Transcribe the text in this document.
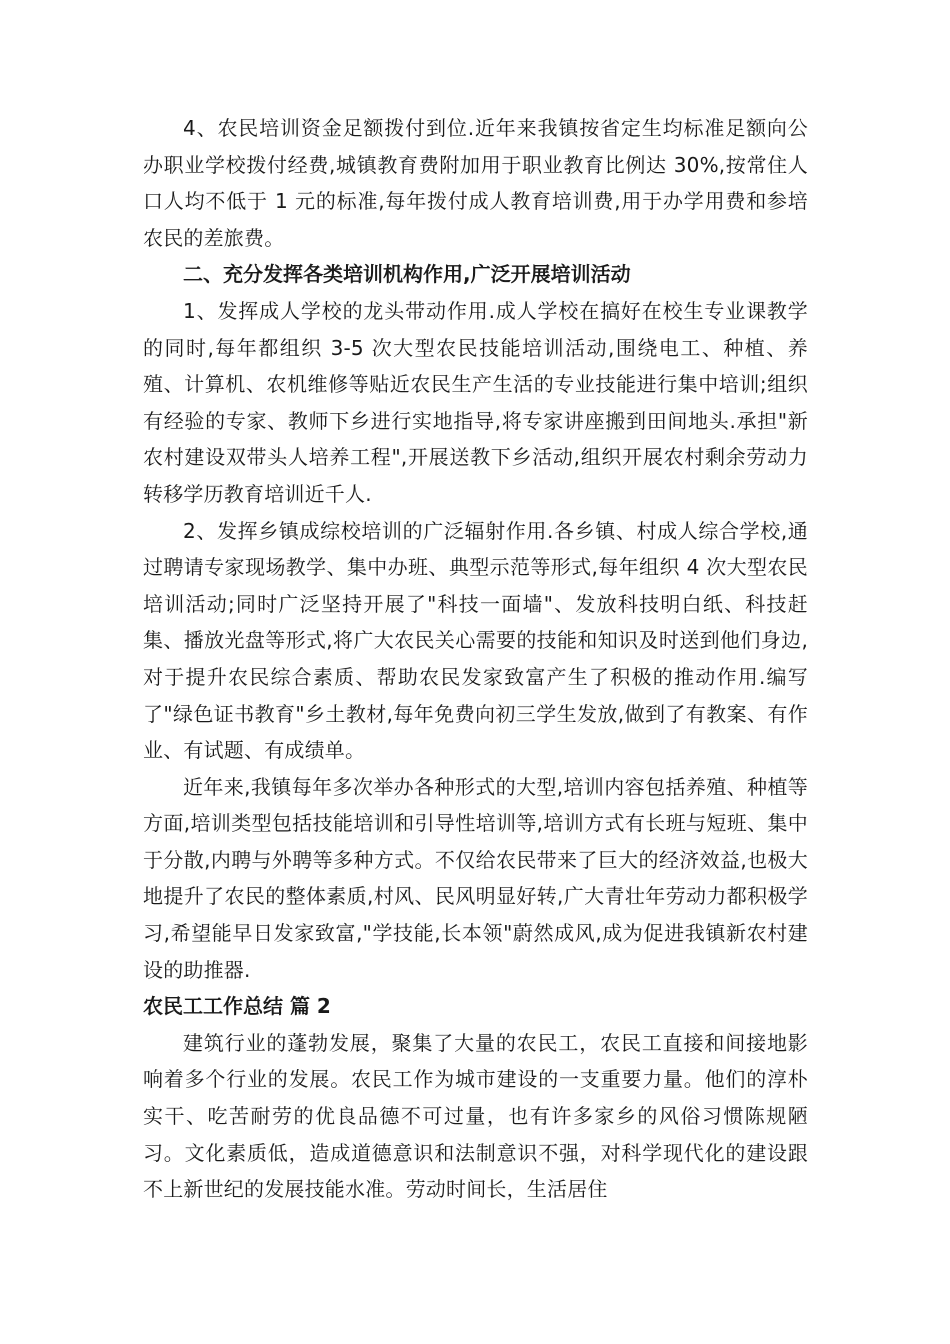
4、农民培训资金足额拨付到位.近年来我镇按省定生均标准足额向公办职业学校拨付经费,城镇教育费附加用于职业教育比例达 30%,按常住人口人均不低于 1 元的标准,每年拨付成人教育培训费,用于办学用费和参培农民的差旅费。

二、充分发挥各类培训机构作用,广泛开展培训活动

1、发挥成人学校的龙头带动作用.成人学校在搞好在校生专业课教学的同时,每年都组织 3-5 次大型农民技能培训活动,围绕电工、种植、养殖、计算机、农机维修等贴近农民生产生活的专业技能进行集中培训;组织有经验的专家、教师下乡进行实地指导,将专家讲座搬到田间地头.承担"新农村建设双带头人培养工程",开展送教下乡活动,组织开展农村剩余劳动力转移学历教育培训近千人.

2、发挥乡镇成综校培训的广泛辐射作用.各乡镇、村成人综合学校,通过聘请专家现场教学、集中办班、典型示范等形式,每年组织 4 次大型农民培训活动;同时广泛坚持开展了"科技一面墙"、发放科技明白纸、科技赶集、播放光盘等形式,将广大农民关心需要的技能和知识及时送到他们身边,对于提升农民综合素质、帮助农民发家致富产生了积极的推动作用.编写了"绿色证书教育"乡土教材,每年免费向初三学生发放,做到了有教案、有作业、有试题、有成绩单。

近年来,我镇每年多次举办各种形式的大型,培训内容包括养殖、种植等方面,培训类型包括技能培训和引导性培训等,培训方式有长班与短班、集中于分散,内聘与外聘等多种方式。不仅给农民带来了巨大的经济效益,也极大地提升了农民的整体素质,村风、民风明显好转,广大青壮年劳动力都积极学习,希望能早日发家致富,"学技能,长本领"蔚然成风,成为促进我镇新农村建设的助推器.

农民工工作总结 篇 2

建筑行业的蓬勃发展，聚集了大量的农民工，农民工直接和间接地影响着多个行业的发展。农民工作为城市建设的一支重要力量。他们的淳朴实干、吃苦耐劳的优良品德不可过量，也有许多家乡的风俗习惯陈规陋习。文化素质低，造成道德意识和法制意识不强，对科学现代化的建设跟不上新世纪的发展技能水准。劳动时间长，生活居住
